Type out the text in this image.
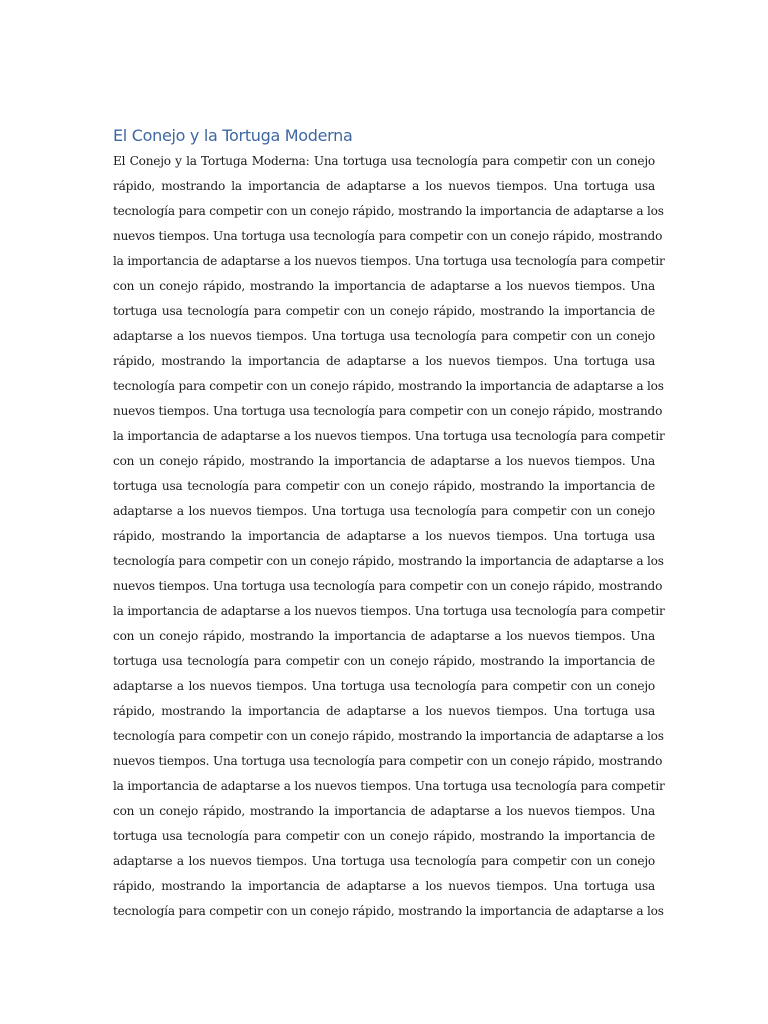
El Conejo y la Tortuga Moderna
El Conejo y la Tortuga Moderna: Una tortuga usa tecnología para competir con un conejo
rápido, mostrando la importancia de adaptarse a los nuevos tiempos. Una tortuga usa
tecnología para competir con un conejo rápido, mostrando la importancia de adaptarse a los
nuevos tiempos. Una tortuga usa tecnología para competir con un conejo rápido, mostrando
la importancia de adaptarse a los nuevos tiempos. Una tortuga usa tecnología para competir
con un conejo rápido, mostrando la importancia de adaptarse a los nuevos tiempos. Una
tortuga usa tecnología para competir con un conejo rápido, mostrando la importancia de
adaptarse a los nuevos tiempos. Una tortuga usa tecnología para competir con un conejo
rápido, mostrando la importancia de adaptarse a los nuevos tiempos. Una tortuga usa
tecnología para competir con un conejo rápido, mostrando la importancia de adaptarse a los
nuevos tiempos. Una tortuga usa tecnología para competir con un conejo rápido, mostrando
la importancia de adaptarse a los nuevos tiempos. Una tortuga usa tecnología para competir
con un conejo rápido, mostrando la importancia de adaptarse a los nuevos tiempos. Una
tortuga usa tecnología para competir con un conejo rápido, mostrando la importancia de
adaptarse a los nuevos tiempos. Una tortuga usa tecnología para competir con un conejo
rápido, mostrando la importancia de adaptarse a los nuevos tiempos. Una tortuga usa
tecnología para competir con un conejo rápido, mostrando la importancia de adaptarse a los
nuevos tiempos. Una tortuga usa tecnología para competir con un conejo rápido, mostrando
la importancia de adaptarse a los nuevos tiempos. Una tortuga usa tecnología para competir
con un conejo rápido, mostrando la importancia de adaptarse a los nuevos tiempos. Una
tortuga usa tecnología para competir con un conejo rápido, mostrando la importancia de
adaptarse a los nuevos tiempos. Una tortuga usa tecnología para competir con un conejo
rápido, mostrando la importancia de adaptarse a los nuevos tiempos. Una tortuga usa
tecnología para competir con un conejo rápido, mostrando la importancia de adaptarse a los
nuevos tiempos. Una tortuga usa tecnología para competir con un conejo rápido, mostrando
la importancia de adaptarse a los nuevos tiempos. Una tortuga usa tecnología para competir
con un conejo rápido, mostrando la importancia de adaptarse a los nuevos tiempos. Una
tortuga usa tecnología para competir con un conejo rápido, mostrando la importancia de
adaptarse a los nuevos tiempos. Una tortuga usa tecnología para competir con un conejo
rápido, mostrando la importancia de adaptarse a los nuevos tiempos. Una tortuga usa
tecnología para competir con un conejo rápido, mostrando la importancia de adaptarse a los
